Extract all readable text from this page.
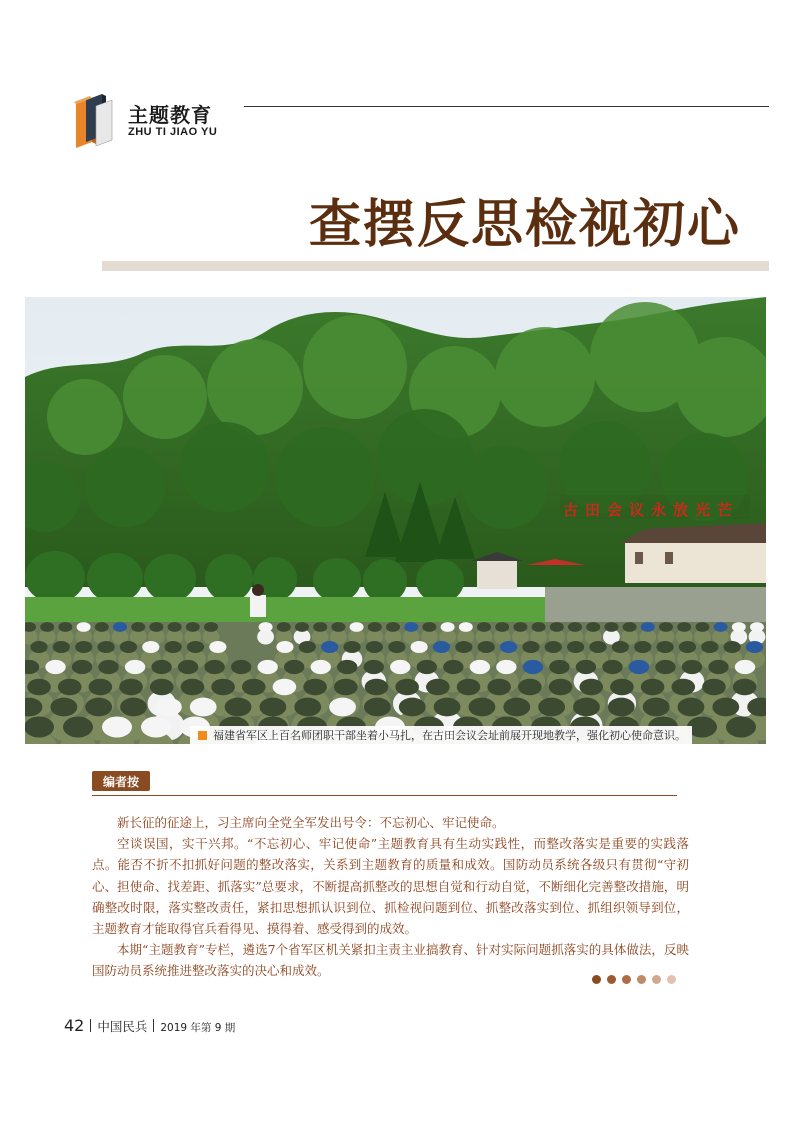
主题教育
ZHU TI JIAO YU
查摆反思检视初心
古田会议永放光芒
福建省军区上百名师团职干部坐着小马扎，在古田会议会址前展开现地教学，强化初心使命意识。
编者按

新长征的征途上，习主席向全党全军发出号令：不忘初心、牢记使命。

空谈误国，实干兴邦。“不忘初心、牢记使命”主题教育具有生动实践性，而整改落实是重要的实践落点。能否不折不扣抓好问题的整改落实，关系到主题教育的质量和成效。国防动员系统各级只有贯彻“守初心、担使命、找差距、抓落实”总要求，不断提高抓整改的思想自觉和行动自觉，不断细化完善整改措施，明确整改时限，落实整改责任，紧扣思想抓认识到位、抓检视问题到位、抓整改落实到位、抓组织领导到位，主题教育才能取得官兵看得见、摸得着、感受得到的成效。

本期“主题教育”专栏，遴选7个省军区机关紧扣主责主业搞教育、针对实际问题抓落实的具体做法，反映国防动员系统推进整改落实的决心和成效。

42 中国民兵 2019 年第 9 期
